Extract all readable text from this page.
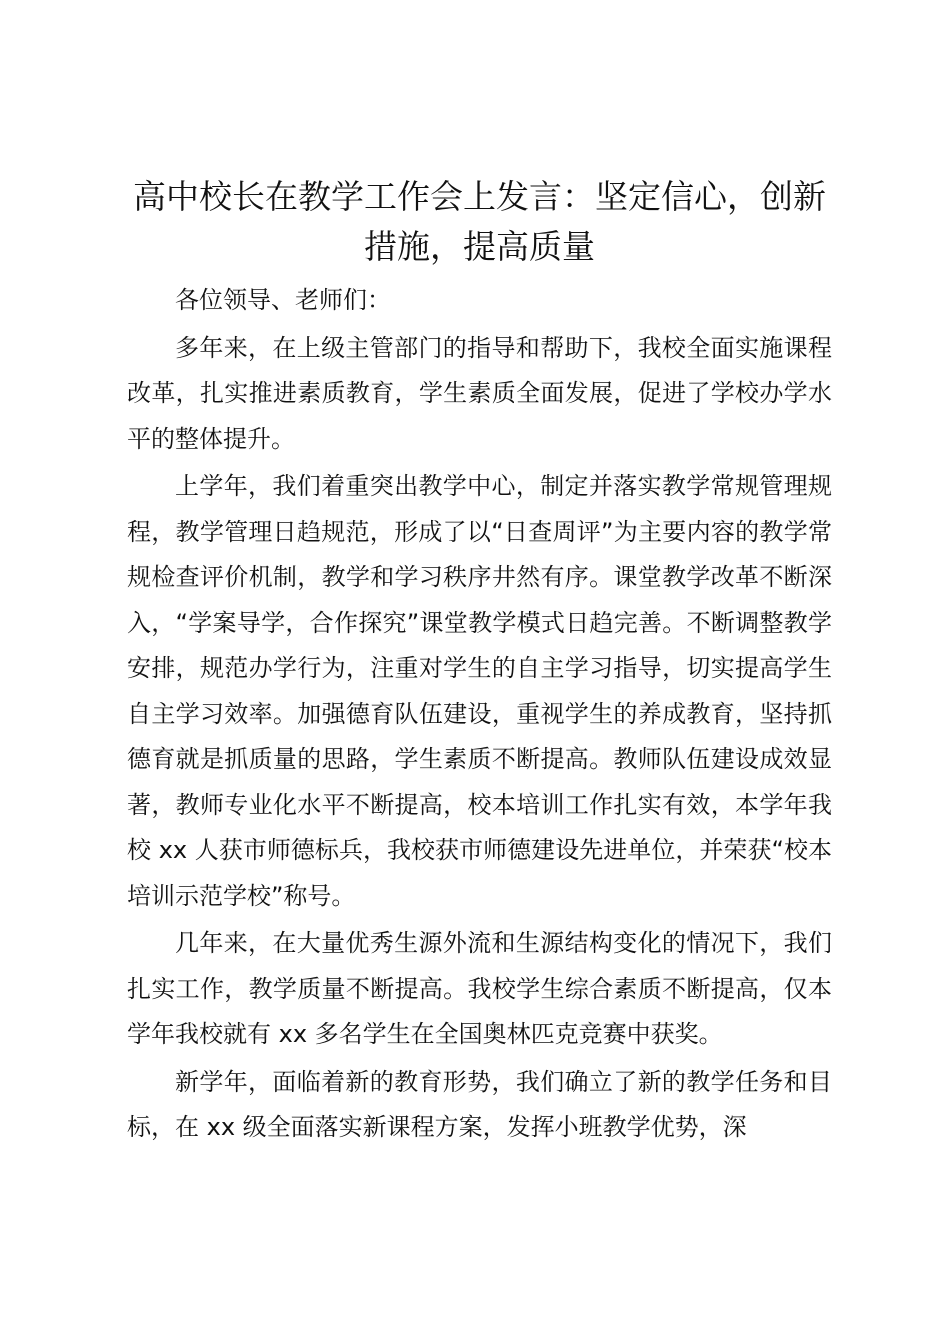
高中校长在教学工作会上发言：坚定信心，创新措施，提高质量

各位领导、老师们：

多年来，在上级主管部门的指导和帮助下，我校全面实施课程改革，扎实推进素质教育，学生素质全面发展，促进了学校办学水平的整体提升。

上学年，我们着重突出教学中心，制定并落实教学常规管理规程，教学管理日趋规范，形成了以“日查周评”为主要内容的教学常规检查评价机制，教学和学习秩序井然有序。课堂教学改革不断深入，“学案导学，合作探究”课堂教学模式日趋完善。不断调整教学安排，规范办学行为，注重对学生的自主学习指导，切实提高学生自主学习效率。加强德育队伍建设，重视学生的养成教育，坚持抓德育就是抓质量的思路，学生素质不断提高。教师队伍建设成效显著，教师专业化水平不断提高，校本培训工作扎实有效，本学年我校 xx 人获市师德标兵，我校获市师德建设先进单位，并荣获“校本培训示范学校”称号。

几年来，在大量优秀生源外流和生源结构变化的情况下，我们扎实工作，教学质量不断提高。我校学生综合素质不断提高，仅本学年我校就有 xx 多名学生在全国奥林匹克竞赛中获奖。

新学年，面临着新的教育形势，我们确立了新的教学任务和目标，在 xx 级全面落实新课程方案，发挥小班教学优势，深
